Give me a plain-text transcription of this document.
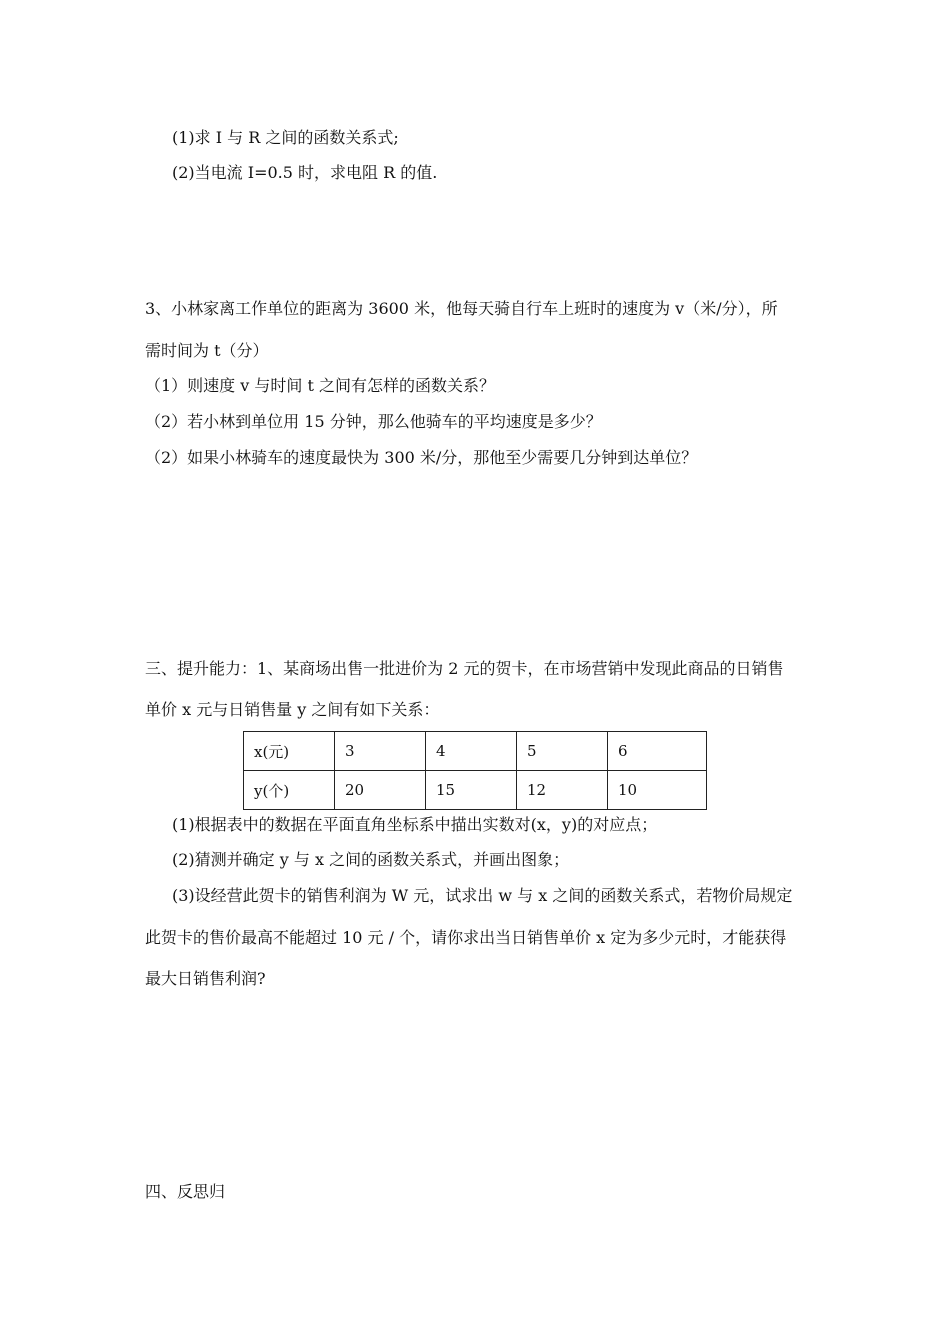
(1)求 I 与 R 之间的函数关系式;
(2)当电流 I=0.5 时，求电阻 R 的值.
3、小林家离工作单位的距离为 3600 米，他每天骑自行车上班时的速度为 v（米/分），所
需时间为 t（分）
（1）则速度 v 与时间 t 之间有怎样的函数关系？
（2）若小林到单位用 15 分钟，那么他骑车的平均速度是多少？
（2）如果小林骑车的速度最快为 300 米/分，那他至少需要几分钟到达单位？
三、提升能力：1、某商场出售一批进价为 2 元的贺卡，在市场营销中发现此商品的日销售
单价 x 元与日销售量 y 之间有如下关系：
x(元)	3	4	5	6
y(个)	20	15	12	10
(1)根据表中的数据在平面直角坐标系中描出实数对(x，y)的对应点；
(2)猜测并确定 y 与 x 之间的函数关系式，并画出图象；
(3)设经营此贺卡的销售利润为 W 元，试求出 w 与 x 之间的函数关系式，若物价局规定
此贺卡的售价最高不能超过 10 元 / 个，请你求出当日销售单价 x 定为多少元时，才能获得
最大日销售利润?
四、反思归
